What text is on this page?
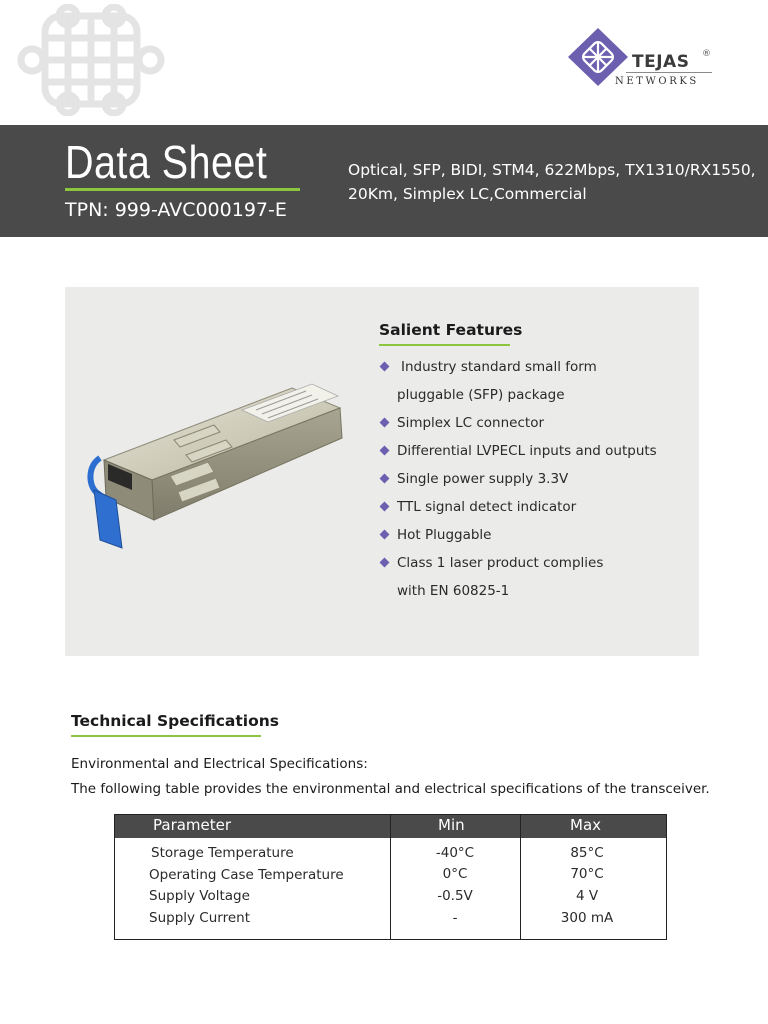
TEJAS ®
NETWORKS
Data Sheet
TPN: 999-AVC000197-E
Optical, SFP, BIDI, STM4, 622Mbps, TX1310/RX1550,
20Km, Simplex LC,Commercial
Salient Features
Industry standard small form
pluggable (SFP) package
Simplex LC connector
Differential LVPECL inputs and outputs
Single power supply 3.3V
TTL signal detect indicator
Hot Pluggable
Class 1 laser product complies
with EN 60825-1
Technical Specifications
Environmental and Electrical Specifications:
The following table provides the environmental and electrical specifications of the transceiver.
Parameter	Min	Max
Storage Temperature	-40°C	85°C
Operating Case Temperature	0°C	70°C
Supply Voltage	-0.5V	4 V
Supply Current	-	300 mA
